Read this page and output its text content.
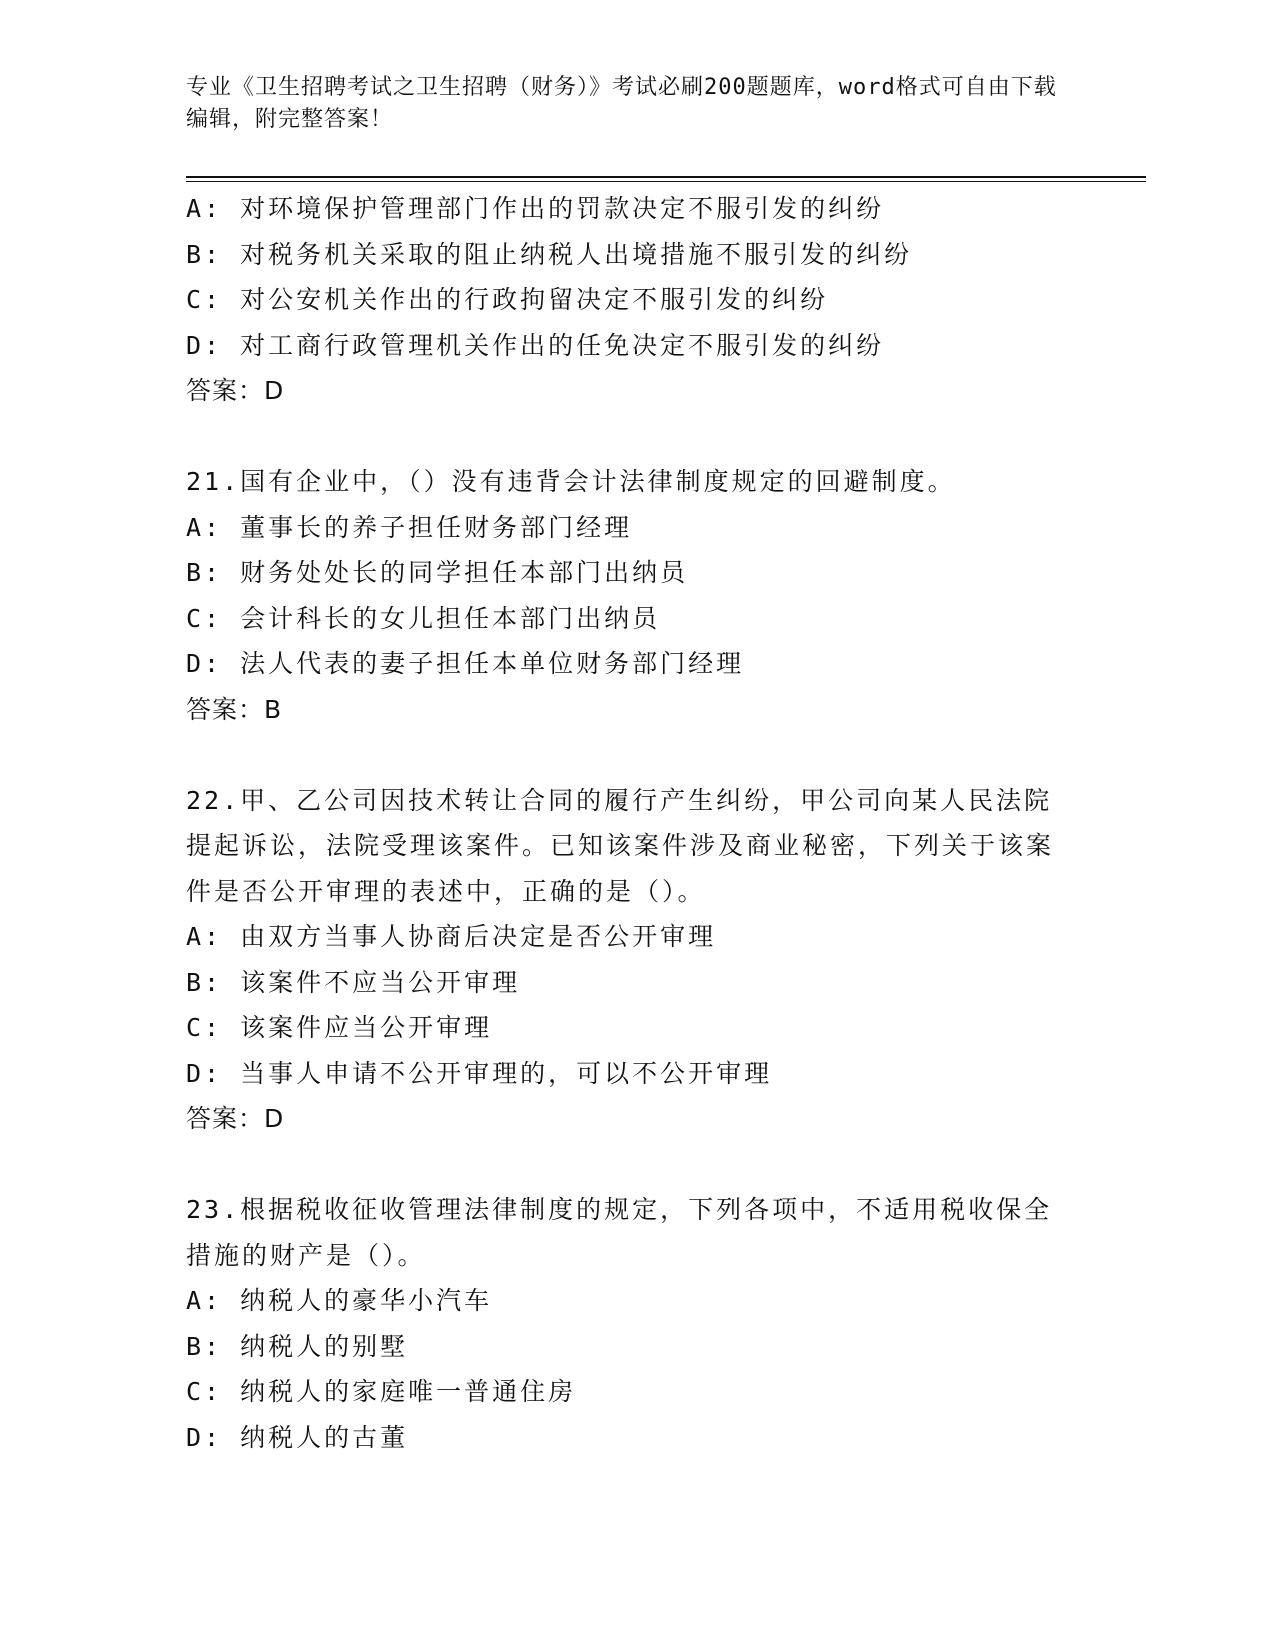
专业《卫生招聘考试之卫生招聘（财务）》考试必刷200题题库，word格式可自由下载编辑，附完整答案！
A: 对环境保护管理部门作出的罚款决定不服引发的纠纷
B: 对税务机关采取的阻止纳税人出境措施不服引发的纠纷
C: 对公安机关作出的行政拘留决定不服引发的纠纷
D: 对工商行政管理机关作出的任免决定不服引发的纠纷
答案：D
21.国有企业中，（）没有违背会计法律制度规定的回避制度。
A: 董事长的养子担任财务部门经理
B: 财务处处长的同学担任本部门出纳员
C: 会计科长的女儿担任本部门出纳员
D: 法人代表的妻子担任本单位财务部门经理
答案：B
22.甲、乙公司因技术转让合同的履行产生纠纷，甲公司向某人民法院提起诉讼，法院受理该案件。已知该案件涉及商业秘密，下列关于该案件是否公开审理的表述中，正确的是（）。
A: 由双方当事人协商后决定是否公开审理
B: 该案件不应当公开审理
C: 该案件应当公开审理
D: 当事人申请不公开审理的，可以不公开审理
答案：D
23.根据税收征收管理法律制度的规定，下列各项中，不适用税收保全措施的财产是（）。
A: 纳税人的豪华小汽车
B: 纳税人的别墅
C: 纳税人的家庭唯一普通住房
D: 纳税人的古董
